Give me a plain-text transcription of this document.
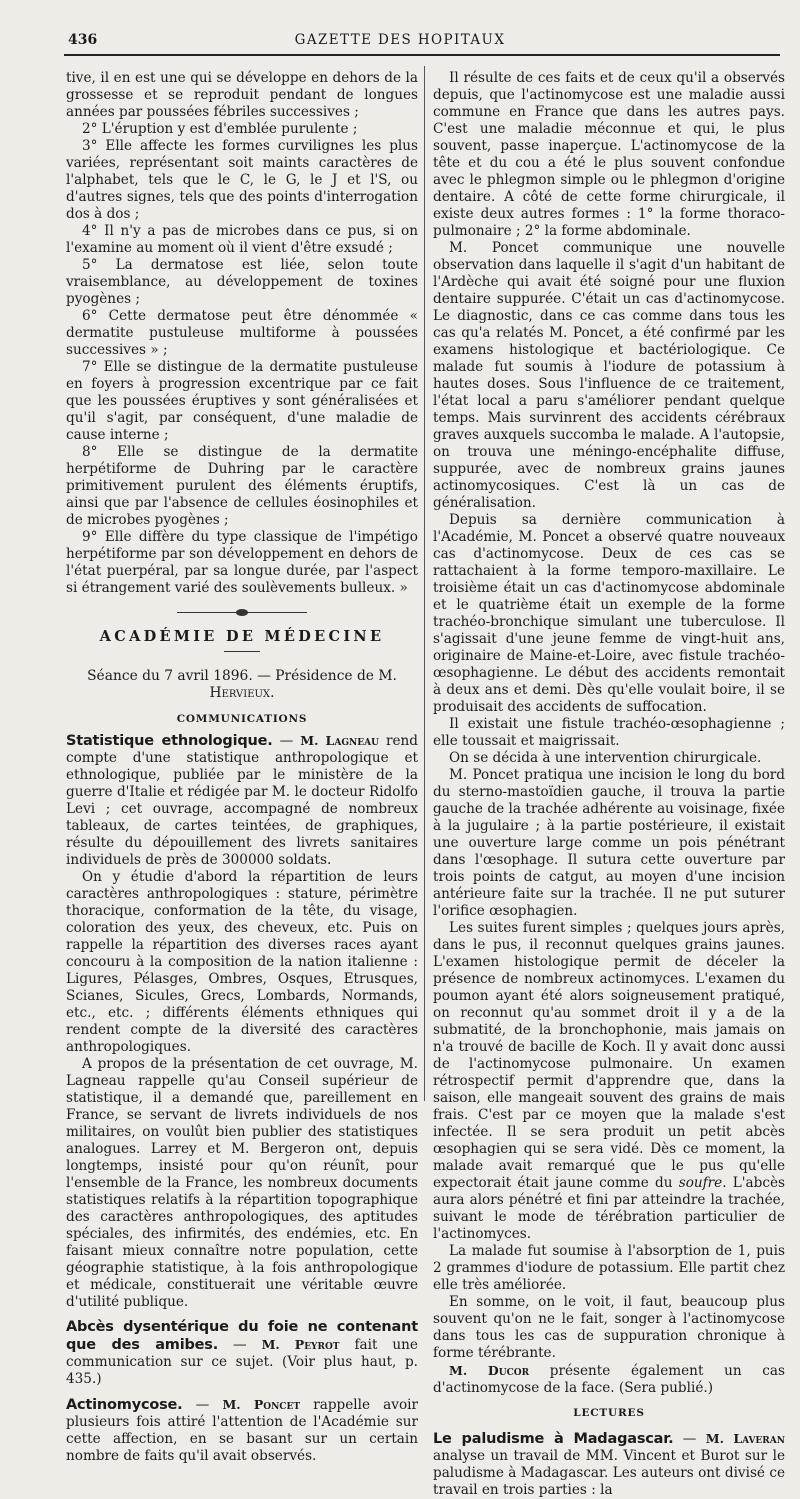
436	GAZETTE DES HOPITAUX

tive, il en est une qui se développe en dehors de la grossesse et se reproduit pendant de longues années par poussées fébriles successives ;

2° L'éruption y est d'emblée purulente ;

3° Elle affecte les formes curvilignes les plus variées, représentant soit maints caractères de l'alphabet, tels que le C, le G, le J et l'S, ou d'autres signes, tels que des points d'interrogation dos à dos ;

4° Il n'y a pas de microbes dans ce pus, si on l'examine au moment où il vient d'être exsudé ;

5° La dermatose est liée, selon toute vraisemblance, au développement de toxines pyogènes ;

6° Cette dermatose peut être dénommée « dermatite pustuleuse multiforme à poussées successives » ;

7° Elle se distingue de la dermatite pustuleuse en foyers à progression excentrique par ce fait que les poussées éruptives y sont généralisées et qu'il s'agit, par conséquent, d'une maladie de cause interne ;

8° Elle se distingue de la dermatite herpétiforme de Duhring par le caractère primitivement purulent des éléments éruptifs, ainsi que par l'absence de cellules éosinophiles et de microbes pyogènes ;

9° Elle diffère du type classique de l'impétigo herpétiforme par son développement en dehors de l'état puerpéral, par sa longue durée, par l'aspect si étrangement varié des soulèvements bulleux. »

ACADÉMIE DE MÉDECINE
Séance du 7 avril 1896. — Présidence de M. Hervieux.
COMMUNICATIONS

Statistique ethnologique. — M. Lagneau rend compte d'une statistique anthropologique et ethnologique, publiée par le ministère de la guerre d'Italie et rédigée par M. le docteur Ridolfo Levi ; cet ouvrage, accompagné de nombreux tableaux, de cartes teintées, de graphiques, résulte du dépouillement des livrets sanitaires individuels de près de 300000 soldats.

On y étudie d'abord la répartition de leurs caractères anthropologiques : stature, périmètre thoracique, conformation de la tête, du visage, coloration des yeux, des cheveux, etc. Puis on rappelle la répartition des diverses races ayant concouru à la composition de la nation italienne : Ligures, Pélasges, Ombres, Osques, Etrusques, Scianes, Sicules, Grecs, Lombards, Normands, etc., etc. ; différents éléments ethniques qui rendent compte de la diversité des caractères anthropologiques.

A propos de la présentation de cet ouvrage, M. Lagneau rappelle qu'au Conseil supérieur de statistique, il a demandé que, pareillement en France, se servant de livrets individuels de nos militaires, on voulût bien publier des statistiques analogues. Larrey et M. Bergeron ont, depuis longtemps, insisté pour qu'on réunît, pour l'ensemble de la France, les nombreux documents statistiques relatifs à la répartition topographique des caractères anthropologiques, des aptitudes spéciales, des infirmités, des endémies, etc. En faisant mieux connaître notre population, cette géographie statistique, à la fois anthropologique et médicale, constituerait une véritable œuvre d'utilité publique.

Abcès dysentérique du foie ne contenant que des amibes. — M. Peyrot fait une communication sur ce sujet. (Voir plus haut, p. 435.)

Actinomycose. — M. Poncet rappelle avoir plusieurs fois attiré l'attention de l'Académie sur cette affection, en se basant sur un certain nombre de faits qu'il avait observés.

Il résulte de ces faits et de ceux qu'il a observés depuis, que l'actinomycose est une maladie aussi commune en France que dans les autres pays. C'est une maladie méconnue et qui, le plus souvent, passe inaperçue. L'actinomycose de la tête et du cou a été le plus souvent confondue avec le phlegmon simple ou le phlegmon d'origine dentaire. A côté de cette forme chirurgicale, il existe deux autres formes : 1° la forme thoraco-pulmonaire ; 2° la forme abdominale.

M. Poncet communique une nouvelle observation dans laquelle il s'agit d'un habitant de l'Ardèche qui avait été soigné pour une fluxion dentaire suppurée. C'était un cas d'actinomycose. Le diagnostic, dans ce cas comme dans tous les cas qu'a relatés M. Poncet, a été confirmé par les examens histologique et bactériologique. Ce malade fut soumis à l'iodure de potassium à hautes doses. Sous l'influence de ce traitement, l'état local a paru s'améliorer pendant quelque temps. Mais survinrent des accidents cérébraux graves auxquels succomba le malade. A l'autopsie, on trouva une méningo-encéphalite diffuse, suppurée, avec de nombreux grains jaunes actinomycosiques. C'est là un cas de généralisation.

Depuis sa dernière communication à l'Académie, M. Poncet a observé quatre nouveaux cas d'actinomycose. Deux de ces cas se rattachaient à la forme temporo-maxillaire. Le troisième était un cas d'actinomycose abdominale et le quatrième était un exemple de la forme trachéo-bronchique simulant une tuberculose. Il s'agissait d'une jeune femme de vingt-huit ans, originaire de Maine-et-Loire, avec fistule trachéo-œsophagienne. Le début des accidents remontait à deux ans et demi. Dès qu'elle voulait boire, il se produisait des accidents de suffocation.

Il existait une fistule trachéo-œsophagienne ; elle toussait et maigrissait.

On se décida à une intervention chirurgicale.

M. Poncet pratiqua une incision le long du bord du sterno-mastoïdien gauche, il trouva la partie gauche de la trachée adhérente au voisinage, fixée à la jugulaire ; à la partie postérieure, il existait une ouverture large comme un pois pénétrant dans l'œsophage. Il sutura cette ouverture par trois points de catgut, au moyen d'une incision antérieure faite sur la trachée. Il ne put suturer l'orifice œsophagien.

Les suites furent simples ; quelques jours après, dans le pus, il reconnut quelques grains jaunes. L'examen histologique permit de déceler la présence de nombreux actinomyces. L'examen du poumon ayant été alors soigneusement pratiqué, on reconnut qu'au sommet droit il y a de la submatité, de la bronchophonie, mais jamais on n'a trouvé de bacille de Koch. Il y avait donc aussi de l'actinomycose pulmonaire. Un examen rétrospectif permit d'apprendre que, dans la saison, elle mangeait souvent des grains de mais frais. C'est par ce moyen que la malade s'est infectée. Il se sera produit un petit abcès œsophagien qui se sera vidé. Dès ce moment, la malade avait remarqué que le pus qu'elle expectorait était jaune comme du soufre. L'abcès aura alors pénétré et fini par atteindre la trachée, suivant le mode de térébration particulier de l'actinomyces.

La malade fut soumise à l'absorption de 1, puis 2 grammes d'iodure de potassium. Elle partit chez elle très améliorée.

En somme, on le voit, il faut, beaucoup plus souvent qu'on ne le fait, songer à l'actinomycose dans tous les cas de suppuration chronique à forme térébrante.

M. Ducor présente également un cas d'actinomycose de la face. (Sera publié.)

LECTURES

Le paludisme à Madagascar. — M. Laveran analyse un travail de MM. Vincent et Burot sur le paludisme à Madagascar. Les auteurs ont divisé ce travail en trois parties : la
